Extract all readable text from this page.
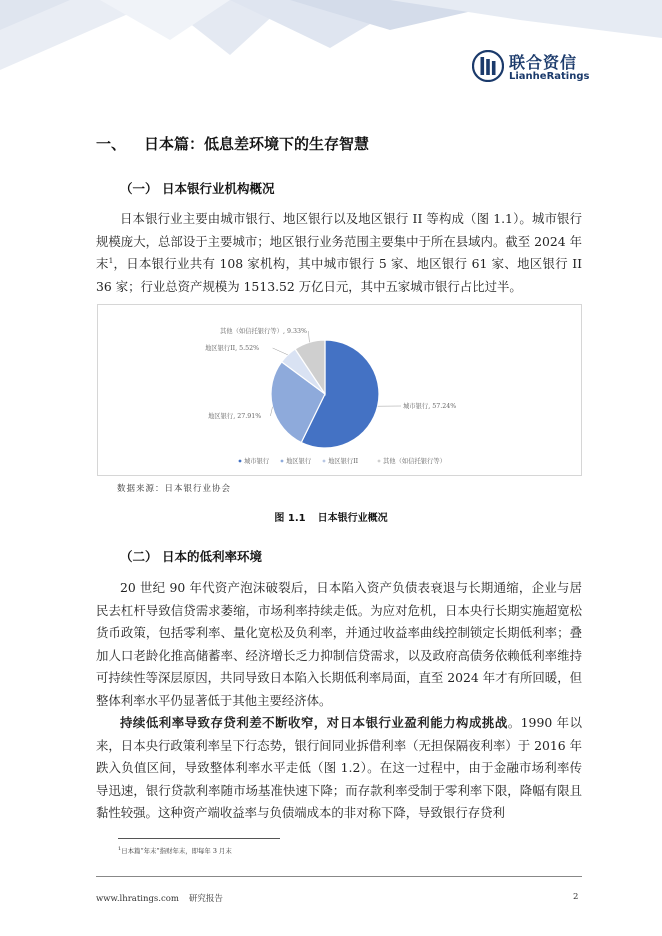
联合资信
LianheRatings
一、 日本篇：低息差环境下的生存智慧
（一） 日本银行业机构概况

日本银行业主要由城市银行、地区银行以及地区银行 II 等构成（图 1.1）。城市银行规模庞大，总部设于主要城市；地区银行业务范围主要集中于所在县域内。截至 2024 年末$^1$，日本银行业共有 108 家机构，其中城市银行 5 家、地区银行 61 家、地区银行 II 36 家；行业总资产规模为 1513.52 万亿日元，其中五家城市银行占比过半。

城市银行, 57.24%
地区银行, 27.91%
地区银行II, 5.52%
其他（如信托银行等）, 9.33%
城市银行	地区银行	地区银行II	其他（如信托银行等）
数据来源：日本银行业协会
图 1.1 日本银行业概况
（二） 日本的低利率环境

20 世纪 90 年代资产泡沫破裂后，日本陷入资产负债表衰退与长期通缩，企业与居民去杠杆导致信贷需求萎缩，市场利率持续走低。为应对危机，日本央行长期实施超宽松货币政策，包括零利率、量化宽松及负利率，并通过收益率曲线控制锁定长期低利率；叠加人口老龄化推高储蓄率、经济增长乏力抑制信贷需求，以及政府高债务依赖低利率维持可持续性等深层原因，共同导致日本陷入长期低利率局面，直至 2024 年才有所回暖，但整体利率水平仍显著低于其他主要经济体。

持续低利率导致存贷利差不断收窄，对日本银行业盈利能力构成挑战。1990 年以来，日本央行政策利率呈下行态势，银行间同业拆借利率（无担保隔夜利率）于 2016 年跌入负值区间，导致整体利率水平走低（图 1.2）。在这一过程中，由于金融市场利率传导迅速，银行贷款利率随市场基准快速下降；而存款利率受制于零利率下限，降幅有限且黏性较强。这种资产端收益率与负债端成本的非对称下降，导致银行存贷利

$^1$日本篇“年末”指财年末，即每年 3 月末
www.lhratings.com 研究报告	2
